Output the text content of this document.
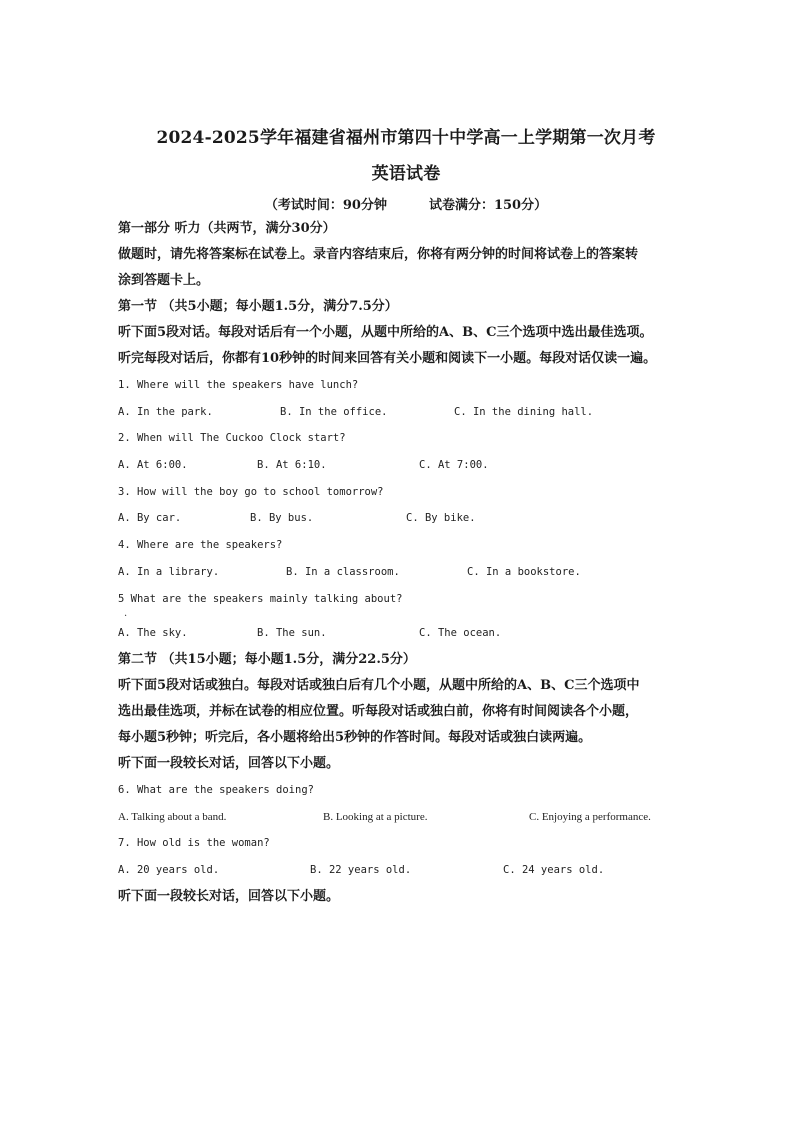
2024-2025学年福建省福州市第四十中学高一上学期第一次月考
英语试卷
（考试时间：90分钟	试卷满分：150分）
第一部分 听力（共两节，满分30分）
做题时，请先将答案标在试卷上。录音内容结束后，你将有两分钟的时间将试卷上的答案转
涂到答题卡上。
第一节 （共5小题；每小题1.5分，满分7.5分）
听下面5段对话。每段对话后有一个小题，从题中所给的A、B、C三个选项中选出最佳选项。
听完每段对话后，你都有10秒钟的时间来回答有关小题和阅读下一小题。每段对话仅读一遍。
1. Where will the speakers have lunch?
A. In the park.	B. In the office.	C. In the dining hall.
2. When will The Cuckoo Clock start?
A. At 6:00.	B. At 6:10.	C. At 7:00.
3. How will the boy go to school tomorrow?
A. By car.	B. By bus.	C. By bike.
4. Where are the speakers?
A. In a library.	B. In a classroom.	C. In a bookstore.
5 What are the speakers mainly talking about?
.
A. The sky.	B. The sun.	C. The ocean.
第二节 （共15小题；每小题1.5分，满分22.5分）
听下面5段对话或独白。每段对话或独白后有几个小题，从题中所给的A、B、C三个选项中
选出最佳选项，并标在试卷的相应位置。听每段对话或独白前，你将有时间阅读各个小题，
每小题5秒钟；听完后，各小题将给出5秒钟的作答时间。每段对话或独白读两遍。
听下面一段较长对话，回答以下小题。
6. What are the speakers doing?
A. Talking about a band.	B. Looking at a picture.	C. Enjoying a performance.
7. How old is the woman?
A. 20 years old.	B. 22 years old.	C. 24 years old.
听下面一段较长对话，回答以下小题。
